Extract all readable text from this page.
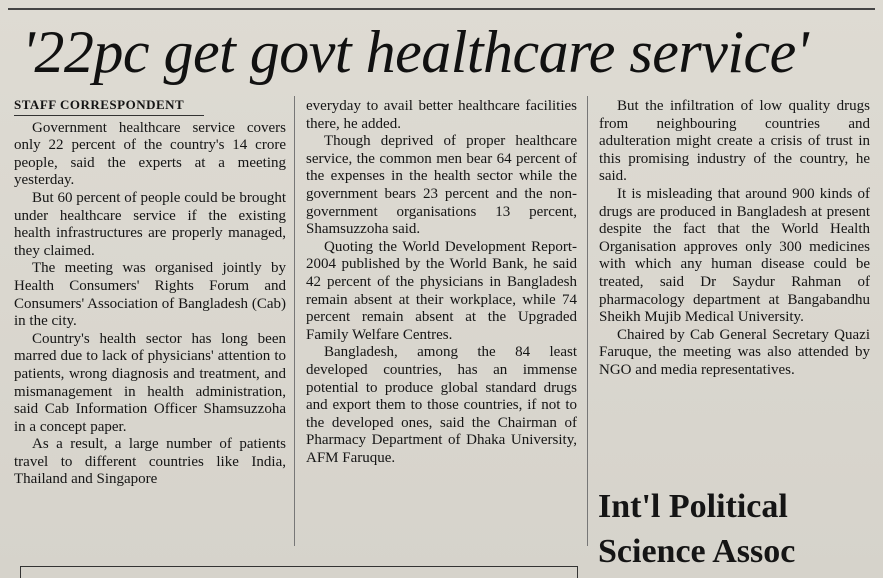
'22pc get govt healthcare service'
STAFF CORRESPONDENT

Government healthcare service covers only 22 percent of the country's 14 crore people, said the experts at a meeting yesterday.

But 60 percent of people could be brought under healthcare service if the existing health infrastructures are properly managed, they claimed.

The meeting was organised jointly by Health Consumers' Rights Forum and Consumers' Association of Bangladesh (Cab) in the city.

Country's health sector has long been marred due to lack of physicians' attention to patients, wrong diagnosis and treatment, and mismanagement in health administration, said Cab Information Officer Shamsuzzoha in a concept paper.

As a result, a large number of patients travel to different countries like India, Thailand and Singapore

everyday to avail better healthcare facilities there, he added.

Though deprived of proper healthcare service, the common men bear 64 percent of the expenses in the health sector while the government bears 23 percent and the non-government organisations 13 percent, Shamsuzzoha said.

Quoting the World Development Report-2004 published by the World Bank, he said 42 percent of the physicians in Bangladesh remain absent at their workplace, while 74 percent remain absent at the Upgraded Family Welfare Centres.

Bangladesh, among the 84 least developed countries, has an immense potential to produce global standard drugs and export them to those countries, if not to the developed ones, said the Chairman of Pharmacy Department of Dhaka University, AFM Faruque.

But the infiltration of low quality drugs from neighbouring countries and adulteration might create a crisis of trust in this promising industry of the country, he said.

It is misleading that around 900 kinds of drugs are produced in Bangladesh at present despite the fact that the World Health Organisation approves only 300 medicines with which any human disease could be treated, said Dr Saydur Rahman of pharmacology department at Bangabandhu Sheikh Mujib Medical University.

Chaired by Cab General Secretary Quazi Faruque, the meeting was also attended by NGO and media representatives.

Int'l Political Science Assoc
